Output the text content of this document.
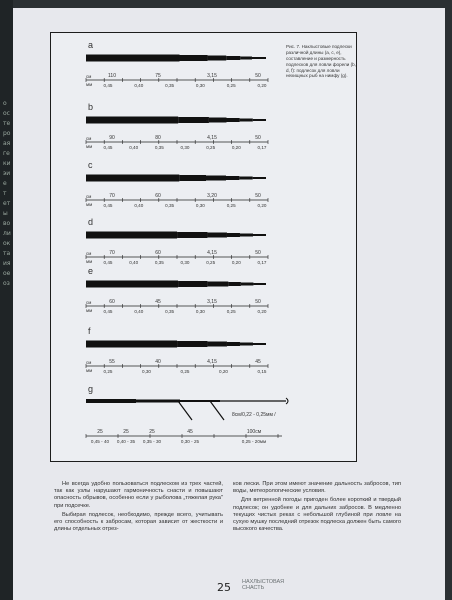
о
ос
те
ро
ая
ге
ки
эи
е
т
ет
ы
во
ли
ок
та
ия
ое
оз
Рис. 7. Наклыстовые подлески различной длины (a, c, e), составление и размерность подлесков для ловли форели (b, d, f): подлесок для ловли нехищных рыб на нимфу (g).
a
см
мм
110	75	3,15	50
0,45	0,40	0,35	0,30	0,25	0,20
b
см
мм
90	80	4,15	50
0,45	0,40	0,35	0,30	0,25	0,20	0,17
c
см
мм
70	60	3,20	50
0,45	0,40	0,35	0,30	0,25	0,20
d
см
мм
70	60	4,15	50
0,45	0,40	0,35	0,30	0,25	0,20	0,17
e
см
мм
60	45	3,15	50
0,45	0,40	0,35	0,30	0,25	0,20
f
см
мм
55	40	4,15	45
0,25	0,30	0,25	0,20	0,15
g
8см/0,22 - 0,25мм /
25	25	25	45	100см
0,45 - 40 0,40 - 35 0,35 - 30	0,30 - 25	0,25 - 20мм

Не всегда удобно пользоваться подлеском из трех частей, так как узлы нарушают гармоничность снасти и повышают опасность обрывов, особенно если у рыболова „тяжелая рука" при подсечке.

Выбирая подлесок, необходимо, прежде всего, учитывать его способность к забросам, которая зависит от жесткости и длины отдельных отрез-

ков лески. При этом имеют значение дальность забросов, тип воды, метеорологические условия.

Для ветренной погоды пригоден более короткий и твердый подлесок; он удобнее и для дальних забросов. В медленно текущих чистых реках с небольшой глубиной при ловле на сухую мушку последний отрезок подлеска должен быть самого высокого качества.

25 НАХЛЫСТОВАЯ
СНАСТЬ
